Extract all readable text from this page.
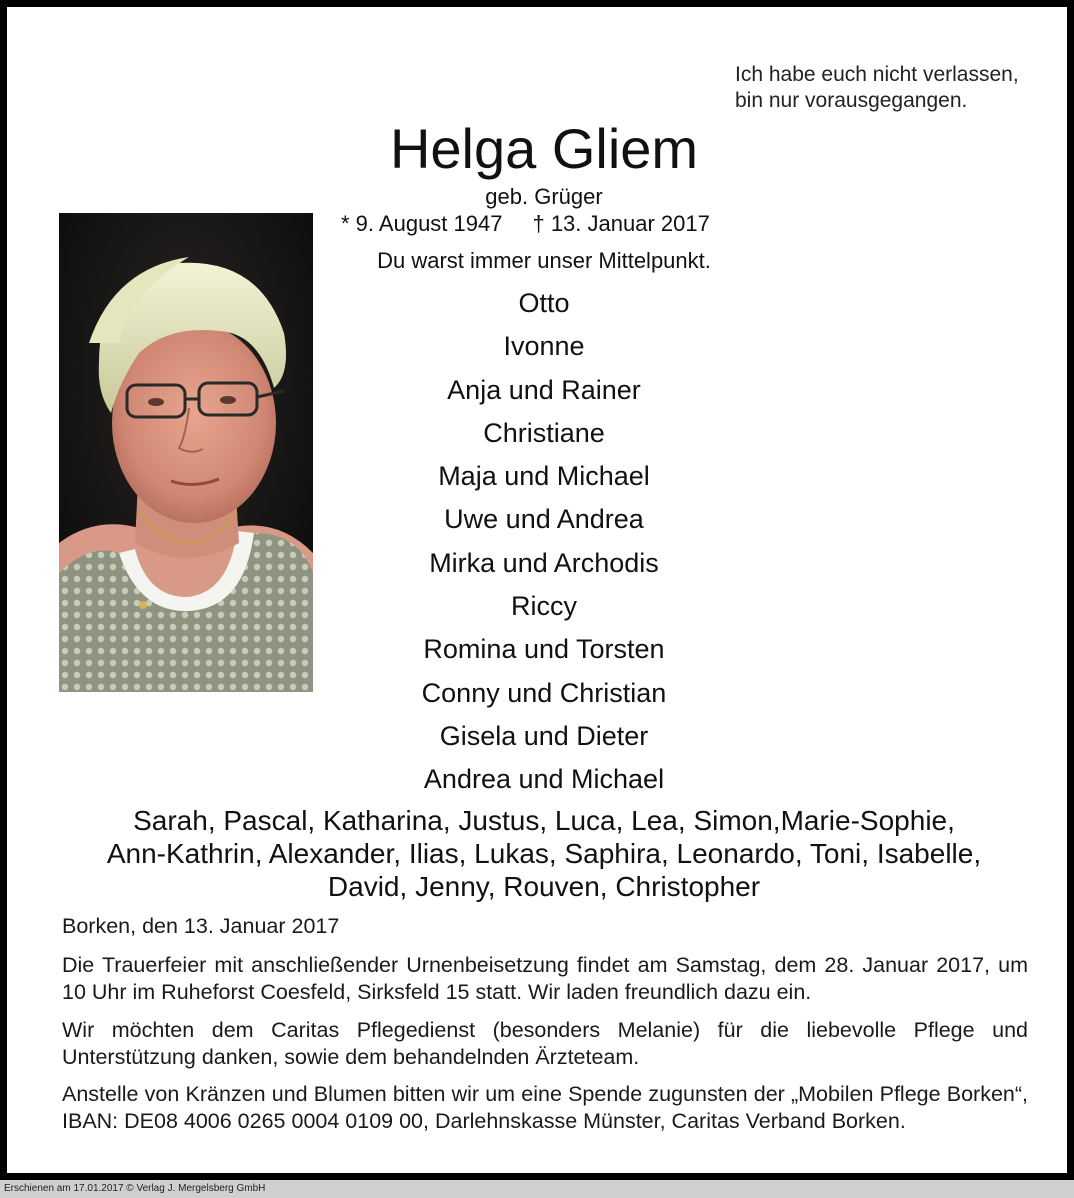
Ich habe euch nicht verlassen,
bin nur vorausgegangen.
Helga Gliem
geb. Grüger
* 9. August 1947 † 13. Januar 2017
Du warst immer unser Mittelpunkt.
Otto
Ivonne
Anja und Rainer
Christiane
Maja und Michael
Uwe und Andrea
Mirka und Archodis
Riccy
Romina und Torsten
Conny und Christian
Gisela und Dieter
Andrea und Michael
Sarah, Pascal, Katharina, Justus, Luca, Lea, Simon,Marie-Sophie,
Ann-Kathrin, Alexander, Ilias, Lukas, Saphira, Leonardo, Toni, Isabelle,
David, Jenny, Rouven, Christopher
Borken, den 13. Januar 2017
Die Trauerfeier mit anschließender Urnenbeisetzung findet am Samstag, dem 28. Januar 2017, um 10 Uhr im Ruheforst Coesfeld, Sirksfeld 15 statt. Wir laden freundlich dazu ein.
Wir möchten dem Caritas Pflegedienst (besonders Melanie) für die liebevolle Pflege und Unterstützung danken, sowie dem behandelnden Ärzteteam.
Anstelle von Kränzen und Blumen bitten wir um eine Spende zugunsten der „Mobilen Pflege Borken“, IBAN: DE08 4006 0265 0004 0109 00, Darlehnskasse Münster, Caritas Verband Borken.
Erschienen am 17.01.2017 © Verlag J. Mergelsberg GmbH
